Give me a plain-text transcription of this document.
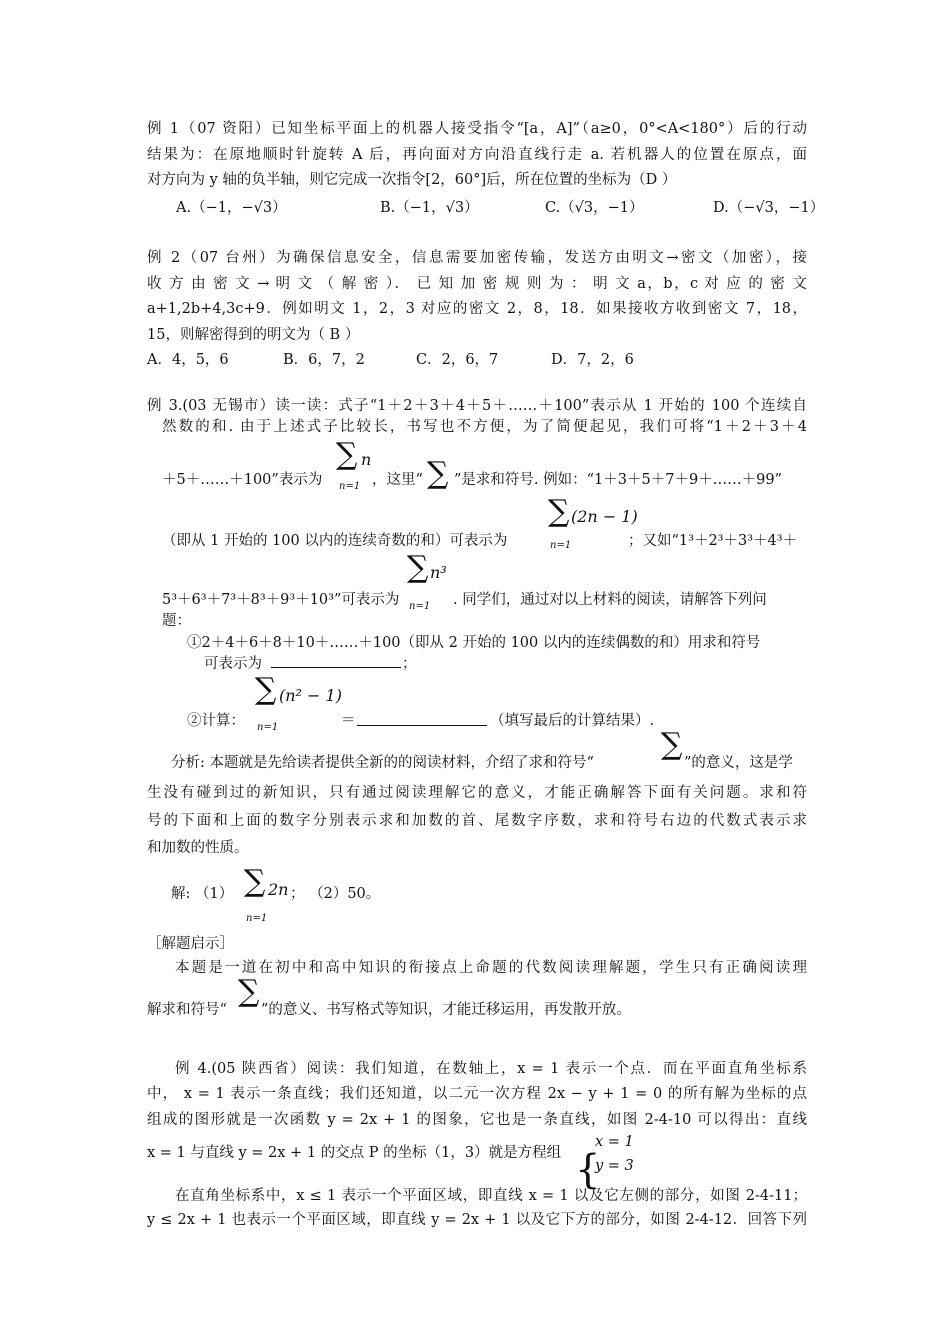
例 1（07 资阳）已知坐标平面上的机器人接受指令“[a，A]”（a≥0，0°<A<180°）后的行动
结果为：在原地顺时针旋转 A 后，再向面对方向沿直线行走 a. 若机器人的位置在原点，面
对方向为 y 轴的负半轴，则它完成一次指令[2，60°]后，所在位置的坐标为（D ）
A.（−1，−√3）	B.（−1，√3）	C.（√3，−1）	D.（−√3，−1）
例 2（07 台州）为确保信息安全，信息需要加密传输，发送方由明文→密文（加密），接
收 方 由 密 文 → 明 文 （ 解 密 ）． 已 知 加 密 规 则 为 ： 明 文 a，b，c 对 应 的 密 文
a+1,2b+4,3c+9．例如明文 1，2，3 对应的密文 2，8，18．如果接收方收到密文 7，18，
15，则解密得到的明文为（ B ）
A．4，5，6	B．6，7，2	C．2，6，7	D．7，2，6
例 3.(03 无锡市）读一读：式子“1＋2＋3＋4＋5＋……＋100”表示从 1 开始的 100 个连续自
然数的和. 由于上述式子比较长，书写也不方便，为了简便起见，我们可将“1＋2＋3＋4
∑ n
n=1
＋5＋……＋100”表示为	，这里“ ∑ ”是求和符号. 例如：“1＋3＋5＋7＋9＋……＋99”
∑ (2n − 1)
n=1
（即从 1 开始的 100 以内的连续奇数的和）可表示为	；又如“1³＋2³＋3³＋4³＋
∑ n³
n=1
5³＋6³＋7³＋8³＋9³＋10³”可表示为	. 同学们，通过对以上材料的阅读，请解答下列问
题：
①2＋4＋6＋8＋10＋……＋100（即从 2 开始的 100 以内的连续偶数的和）用求和符号
可表示为	；
∑ (n² − 1)
n=1
②计算：	＝	（填写最后的计算结果）.
∑
分析: 本题就是先给读者提供全新的的阅读材料，介绍了求和符号“	”的意义，这是学
生没有碰到过的新知识，只有通过阅读理解它的意义，才能正确解答下面有关问题。求和符
号的下面和上面的数字分别表示求和加数的首、尾数字序数，求和符号右边的代数式表示求
和加数的性质。
解: （1） ∑ 2n
n=1
； （2）50。
［解题启示］
本题是一道在初中和高中知识的衔接点上命题的代数阅读理解题，学生只有正确阅读理
∑
解求和符号“ ”的意义、书写格式等知识，才能迁移运用，再发散开放。
例 4.(05 陕西省）阅读：我们知道，在数轴上，x = 1 表示一个点．而在平面直角坐标系
中， x = 1 表示一条直线；我们还知道，以二元一次方程 2x − y + 1 = 0 的所有解为坐标的点
组成的图形就是一次函数 y = 2x + 1 的图象，它也是一条直线，如图 2-4-10 可以得出：直线
x = 1 与直线 y = 2x + 1 的交点 P 的坐标（1，3）就是方程组 {
x = 1
y = 3
在直角坐标系中，x ≤ 1 表示一个平面区域，即直线 x = 1 以及它左侧的部分，如图 2-4-11；
y ≤ 2x + 1 也表示一个平面区域，即直线 y = 2x + 1 以及它下方的部分，如图 2-4-12．回答下列
